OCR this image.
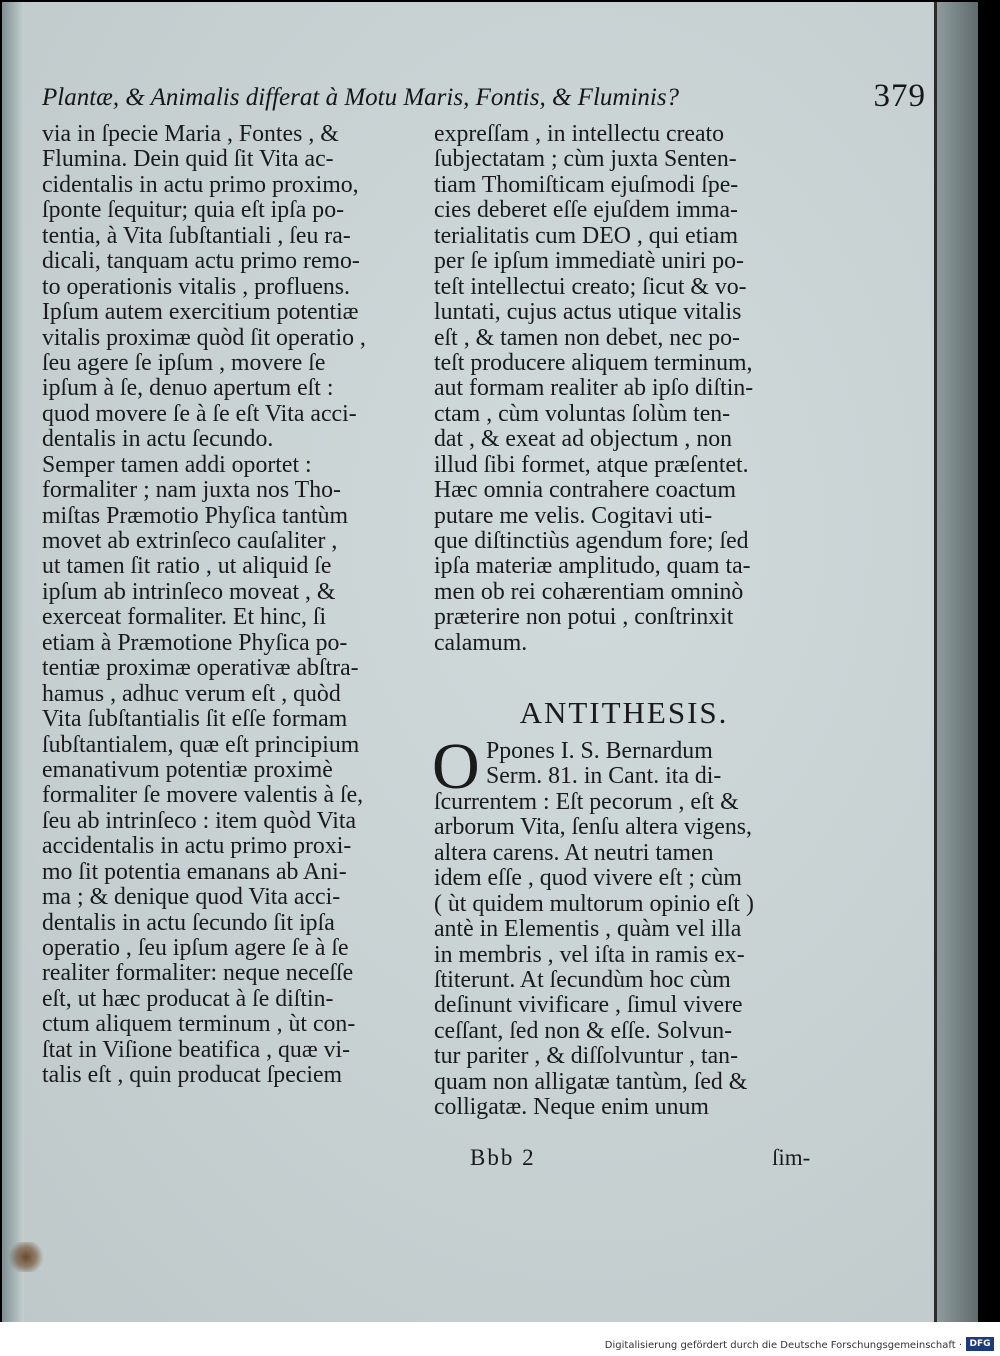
Plantæ, & Animalis differat à Motu Maris, Fontis, & Fluminis?	379
via in ſpecie Maria , Fontes , &
Flumina. Dein quid ſit Vita ac-
cidentalis in actu primo proximo,
ſponte ſequitur; quia eſt ipſa po-
tentia, à Vita ſubſtantiali , ſeu ra-
dicali, tanquam actu primo remo-
to operationis vitalis , profluens.
Ipſum autem exercitium potentiæ
vitalis proximæ quòd ſit operatio ,
ſeu agere ſe ipſum , movere ſe
ipſum à ſe, denuo apertum eſt :
quod movere ſe à ſe eſt Vita acci-
dentalis in actu ſecundo.
Semper tamen addi oportet :
formaliter ; nam juxta nos Tho-
miſtas Præmotio Phyſica tantùm
movet ab extrinſeco cauſaliter ,
ut tamen ſit ratio , ut aliquid ſe
ipſum ab intrinſeco moveat , &
exerceat formaliter. Et hinc, ſi
etiam à Præmotione Phyſica po-
tentiæ proximæ operativæ abſtra-
hamus , adhuc verum eſt , quòd
Vita ſubſtantialis ſit eſſe formam
ſubſtantialem, quæ eſt principium
emanativum potentiæ proximè
formaliter ſe movere valentis à ſe,
ſeu ab intrinſeco : item quòd Vita
accidentalis in actu primo proxi-
mo ſit potentia emanans ab Ani-
ma ; & denique quod Vita acci-
dentalis in actu ſecundo ſit ipſa
operatio , ſeu ipſum agere ſe à ſe
realiter formaliter: neque neceſſe
eſt, ut hæc producat à ſe diſtin-
ctum aliquem terminum , ùt con-
ſtat in Viſione beatifica , quæ vi-
talis eſt , quin producat ſpeciem
expreſſam , in intellectu creato
ſubjectatam ; cùm juxta Senten-
tiam Thomiſticam ejuſmodi ſpe-
cies deberet eſſe ejuſdem imma-
terialitatis cum DEO , qui etiam
per ſe ipſum immediatè uniri po-
teſt intellectui creato; ſicut & vo-
luntati, cujus actus utique vitalis
eſt , & tamen non debet, nec po-
teſt producere aliquem terminum,
aut formam realiter ab ipſo diſtin-
ctam , cùm voluntas ſolùm ten-
dat , & exeat ad objectum , non
illud ſibi formet, atque præſentet.
Hæc omnia contrahere coactum
putare me velis. Cogitavi uti-
que diſtinctiùs agendum fore; ſed
ipſa materiæ amplitudo, quam ta-
men ob rei cohærentiam omninò
præterire non potui , conſtrinxit
calamum.
ANTITHESIS.
O Ppones I. S. Bernardum
Serm. 81. in Cant. ita di-
ſcurrentem : Eſt pecorum , eſt &
arborum Vita, ſenſu altera vigens,
altera carens. At neutri tamen
idem eſſe , quod vivere eſt ; cùm
( ùt quidem multorum opinio eſt )
antè in Elementis , quàm vel illa
in membris , vel iſta in ramis ex-
ſtiterunt. At ſecundùm hoc cùm
deſinunt vivificare , ſimul vivere
ceſſant, ſed non & eſſe. Solvun-
tur pariter , & diſſolvuntur , tan-
quam non alligatæ tantùm, ſed &
colligatæ. Neque enim unum
Bbb 2	ſim-
Digitalisierung gefördert durch die Deutsche Forschungsgemeinschaft · DFG
